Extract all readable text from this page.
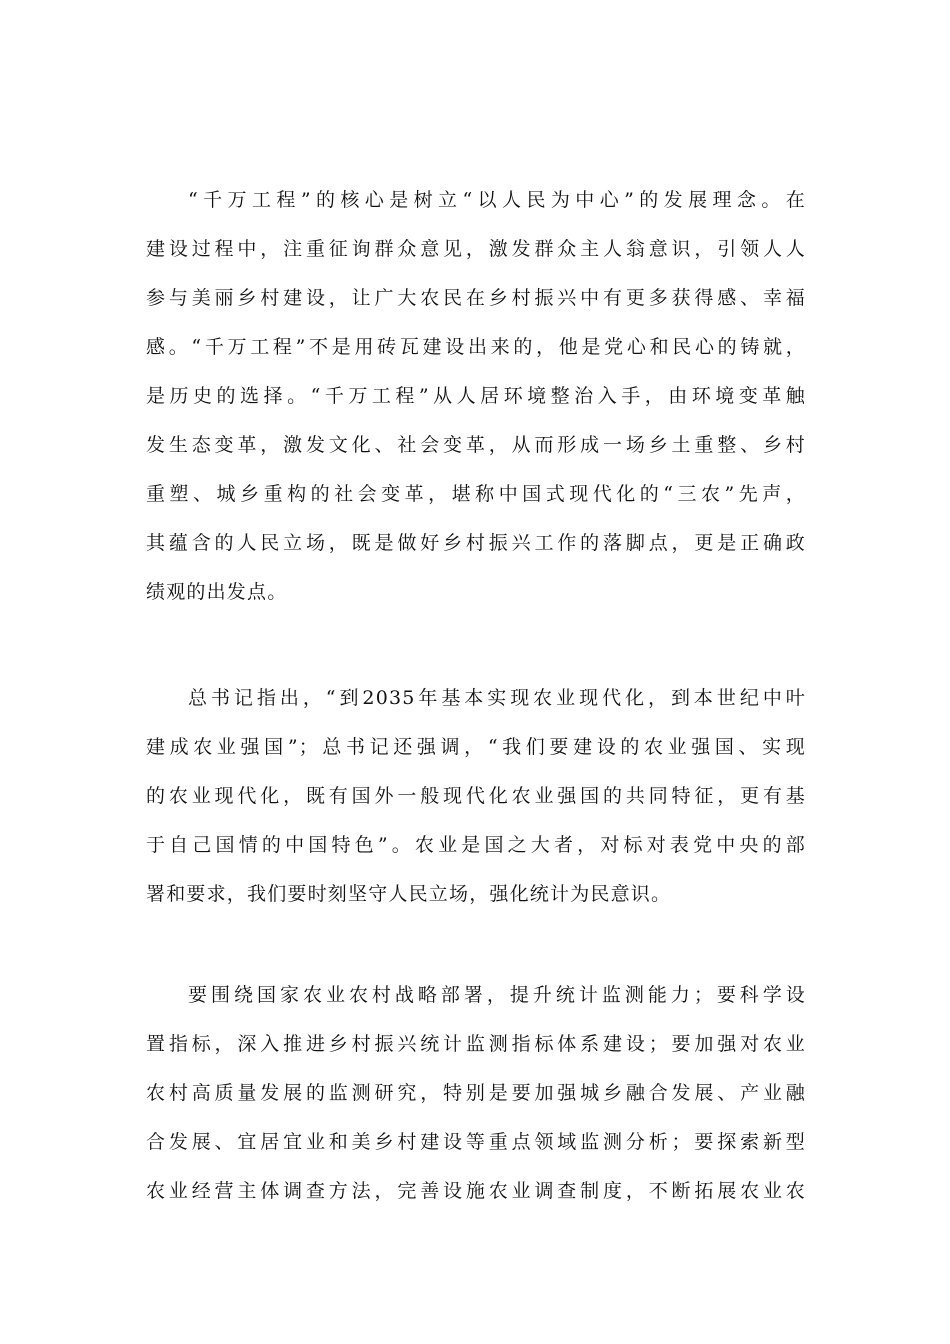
“千万工程”的核心是树立“以人民为中心”的发展理念。在
建设过程中，注重征询群众意见，激发群众主人翁意识，引领人人
参与美丽乡村建设，让广大农民在乡村振兴中有更多获得感、幸福
感。“千万工程”不是用砖瓦建设出来的，他是党心和民心的铸就，
是历史的选择。“千万工程”从人居环境整治入手，由环境变革触
发生态变革，激发文化、社会变革，从而形成一场乡土重整、乡村
重塑、城乡重构的社会变革，堪称中国式现代化的“三农”先声，
其蕴含的人民立场，既是做好乡村振兴工作的落脚点，更是正确政
绩观的出发点。
总书记指出，“到2035年基本实现农业现代化，到本世纪中叶
建成农业强国”；总书记还强调，“我们要建设的农业强国、实现
的农业现代化，既有国外一般现代化农业强国的共同特征，更有基
于自己国情的中国特色”。农业是国之大者，对标对表党中央的部
署和要求，我们要时刻坚守人民立场，强化统计为民意识。
要围绕国家农业农村战略部署，提升统计监测能力；要科学设
置指标，深入推进乡村振兴统计监测指标体系建设；要加强对农业
农村高质量发展的监测研究，特别是要加强城乡融合发展、产业融
合发展、宜居宜业和美乡村建设等重点领域监测分析；要探索新型
农业经营主体调查方法，完善设施农业调查制度，不断拓展农业农
